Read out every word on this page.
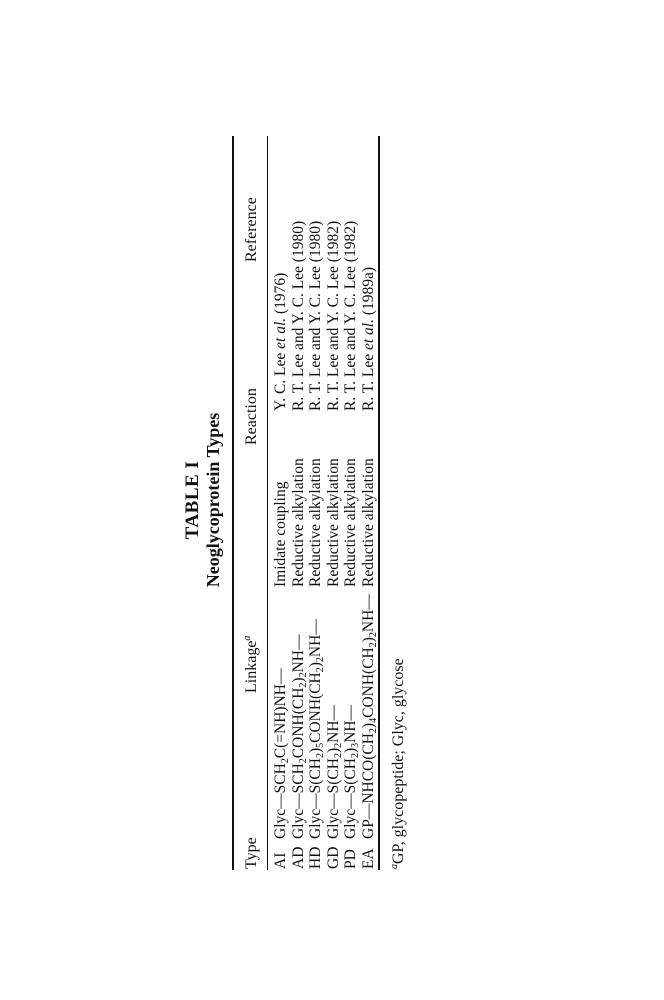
TABLE I Neoglycoprotein Types
Type
Linkage$^a$
Reaction
Reference
AI
$Glyc—SCH_2C(=NH)NH—$
Imidate coupling
Y. C. Lee et al. (1976)
AD
$Glyc—SCH_2CONH(CH_2)_2NH—$
Reductive alkylation
R. T. Lee and Y. C. Lee (1980)
HD
$Glyc—S(CH_2)_5CONH(CH_2)_2NH—$
Reductive alkylation
R. T. Lee and Y. C. Lee (1980)
GD
$Glyc—S(CH_2)_2NH—$
Reductive alkylation
R. T. Lee and Y. C. Lee (1982)
PD
$Glyc—S(CH_2)_3NH—$
Reductive alkylation
R. T. Lee and Y. C. Lee (1982)
EA
$GP—NHCO(CH_2)_4CONH(CH_2)_2NH—$
Reductive alkylation
R. T. Lee et al. (1989a)
$^a$GP, glycopeptide; Glyc, glycose
